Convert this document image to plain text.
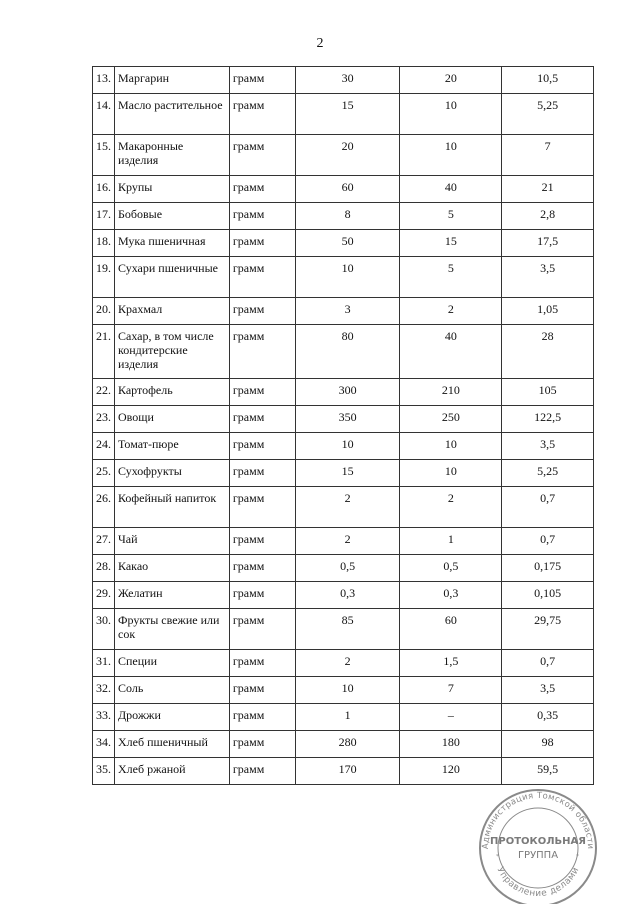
2
13.	Маргарин	грамм	30	20	10,5
14.	Масло растительное	грамм	15	10	5,25
15.	Макаронные изделия	грамм	20	10	7
16.	Крупы	грамм	60	40	21
17.	Бобовые	грамм	8	5	2,8
18.	Мука пшеничная	грамм	50	15	17,5
19.	Сухари пшеничные	грамм	10	5	3,5
20.	Крахмал	грамм	3	2	1,05
21.	Сахар, в том числе кондитерские изделия	грамм	80	40	28
22.	Картофель	грамм	300	210	105
23.	Овощи	грамм	350	250	122,5
24.	Томат-пюре	грамм	10	10	3,5
25.	Сухофрукты	грамм	15	10	5,25
26.	Кофейный напиток	грамм	2	2	0,7
27.	Чай	грамм	2	1	0,7
28.	Какао	грамм	0,5	0,5	0,175
29.	Желатин	грамм	0,3	0,3	0,105
30.	Фрукты свежие или сок	грамм	85	60	29,75
31.	Специи	грамм	2	1,5	0,7
32.	Соль	грамм	10	7	3,5
33.	Дрожжи	грамм	1	–	0,35
34.	Хлеб пшеничный	грамм	280	180	98
35.	Хлеб ржаной	грамм	170	120	59,5
Администрация Томской области
Управление делами
ПРОТОКОЛЬНАЯ
ГРУППА
*	*
